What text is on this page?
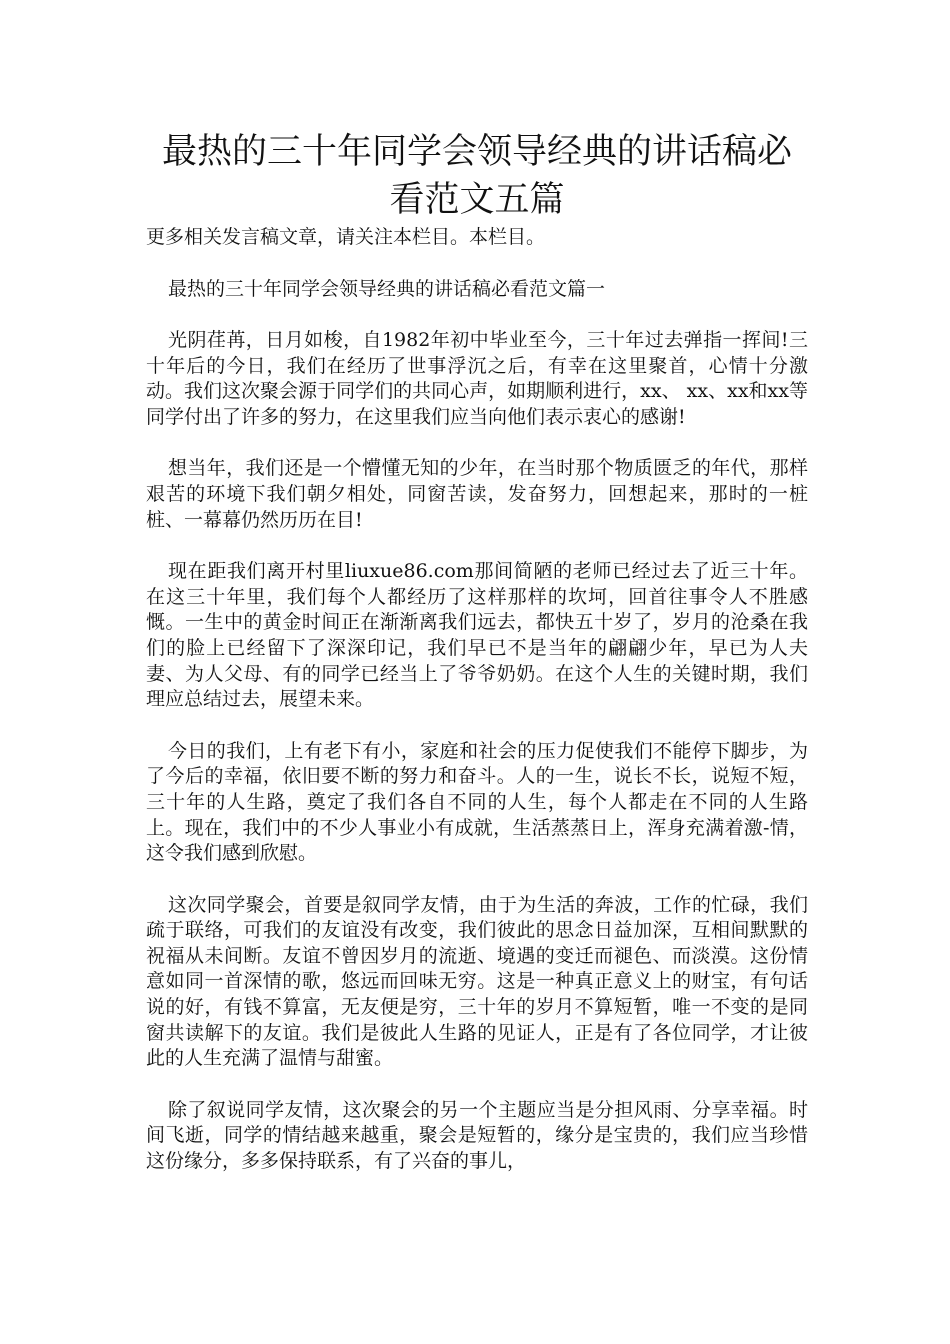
最热的三十年同学会领导经典的讲话稿必看范文五篇

更多相关发言稿文章，请关注本栏目。本栏目。

最热的三十年同学会领导经典的讲话稿必看范文篇一

光阴荏苒，日月如梭，自1982年初中毕业至今，三十年过去弹指一挥间!三十年后的今日，我们在经历了世事浮沉之后，有幸在这里聚首，心情十分激动。我们这次聚会源于同学们的共同心声，如期顺利进行，xx、 xx、xx和xx等同学付出了许多的努力，在这里我们应当向他们表示衷心的感谢!

想当年，我们还是一个懵懂无知的少年，在当时那个物质匮乏的年代，那样艰苦的环境下我们朝夕相处，同窗苦读，发奋努力，回想起来，那时的一桩桩、一幕幕仍然历历在目!

现在距我们离开村里liuxue86.com那间简陋的老师已经过去了近三十年。在这三十年里，我们每个人都经历了这样那样的坎坷，回首往事令人不胜感慨。一生中的黄金时间正在渐渐离我们远去，都快五十岁了，岁月的沧桑在我们的脸上已经留下了深深印记，我们早已不是当年的翩翩少年，早已为人夫妻、为人父母、有的同学已经当上了爷爷奶奶。在这个人生的关键时期，我们理应总结过去，展望未来。

今日的我们，上有老下有小，家庭和社会的压力促使我们不能停下脚步，为了今后的幸福，依旧要不断的努力和奋斗。人的一生，说长不长，说短不短，三十年的人生路，奠定了我们各自不同的人生，每个人都走在不同的人生路上。现在，我们中的不少人事业小有成就，生活蒸蒸日上，浑身充满着激-情，这令我们感到欣慰。

这次同学聚会，首要是叙同学友情，由于为生活的奔波，工作的忙碌，我们疏于联络，可我们的友谊没有改变，我们彼此的思念日益加深，互相间默默的祝福从未间断。友谊不曾因岁月的流逝、境遇的变迁而褪色、而淡漠。这份情意如同一首深情的歌，悠远而回味无穷。这是一种真正意义上的财宝，有句话说的好，有钱不算富，无友便是穷，三十年的岁月不算短暂，唯一不变的是同窗共读解下的友谊。我们是彼此人生路的见证人，正是有了各位同学，才让彼此的人生充满了温情与甜蜜。

除了叙说同学友情，这次聚会的另一个主题应当是分担风雨、分享幸福。时间飞逝，同学的情结越来越重，聚会是短暂的，缘分是宝贵的，我们应当珍惜这份缘分，多多保持联系，有了兴奋的事儿，
